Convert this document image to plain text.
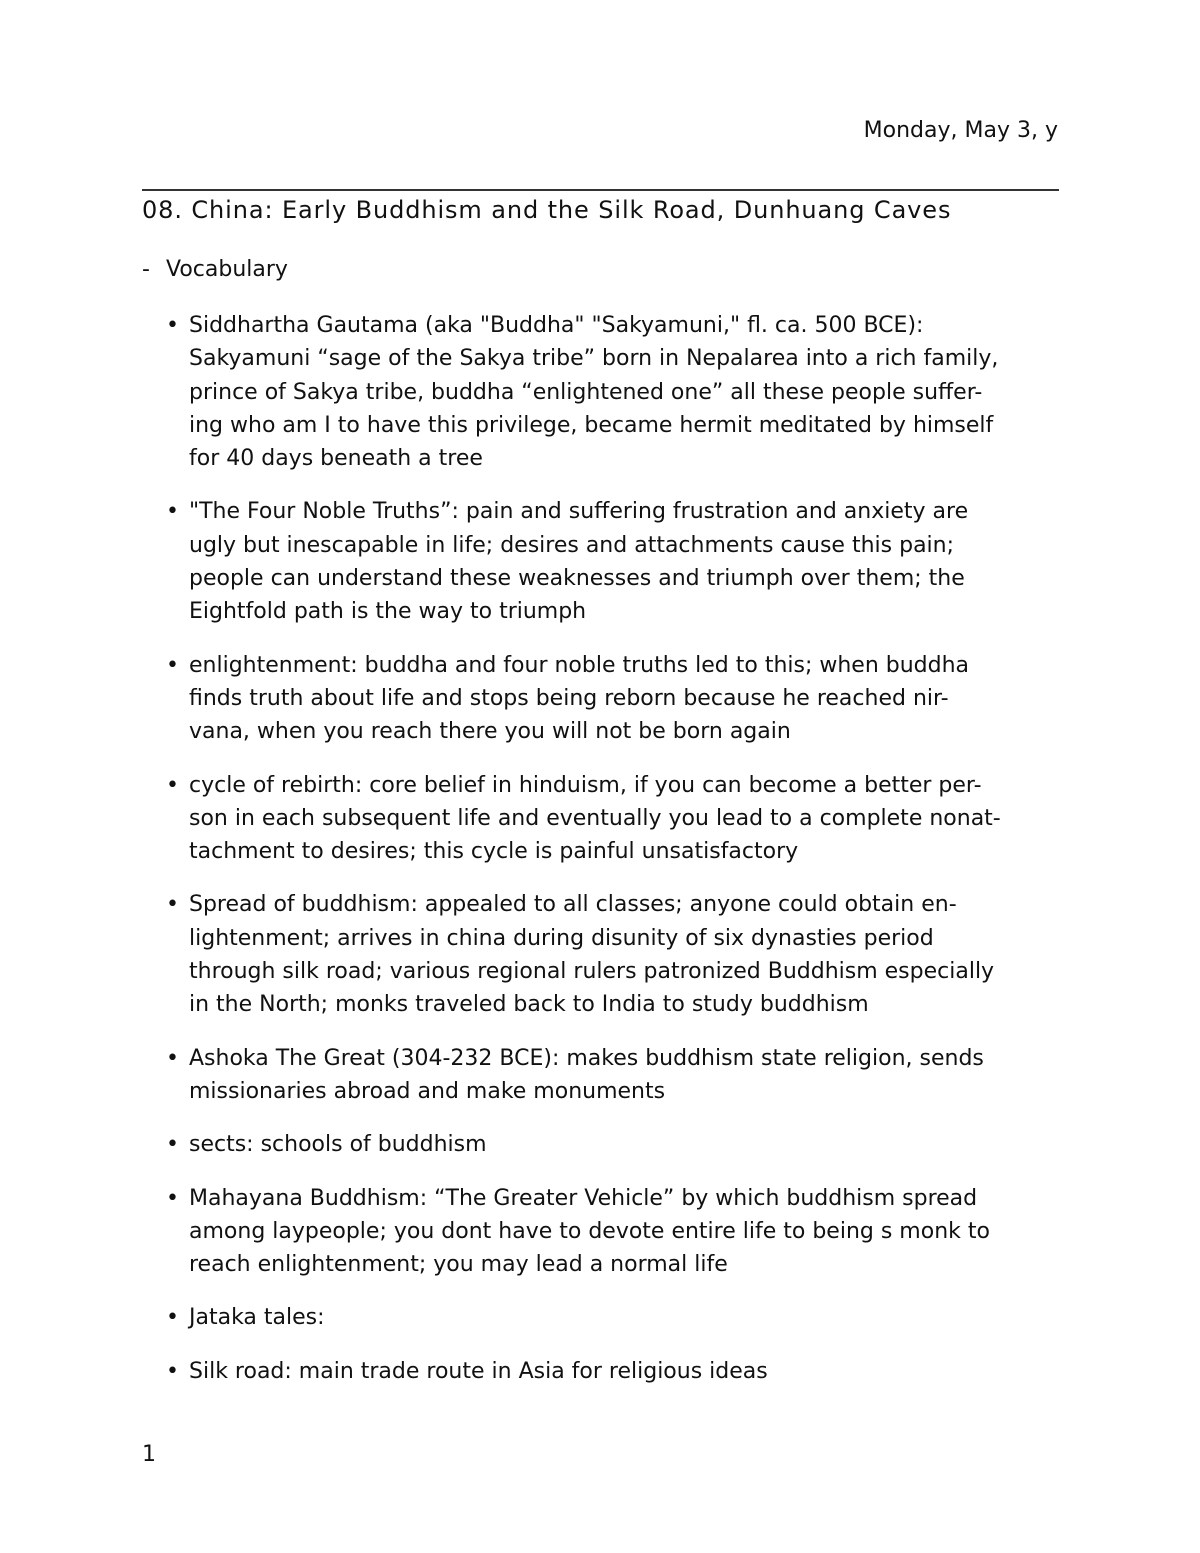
Monday, May 3, y
08. China: Early Buddhism and the Silk Road, Dunhuang Caves
- Vocabulary
• Siddhartha Gautama (aka "Buddha" "Sakyamuni," fl. ca. 500 BCE):
Sakyamuni “sage of the Sakya tribe” born in Nepalarea into a rich family,
prince of Sakya tribe, buddha “enlightened one” all these people suffer-
ing who am I to have this privilege, became hermit meditated by himself
for 40 days beneath a tree
• "The Four Noble Truths”: pain and suffering frustration and anxiety are
ugly but inescapable in life; desires and attachments cause this pain;
people can understand these weaknesses and triumph over them; the
Eightfold path is the way to triumph
• enlightenment: buddha and four noble truths led to this; when buddha
finds truth about life and stops being reborn because he reached nir-
vana, when you reach there you will not be born again
• cycle of rebirth: core belief in hinduism, if you can become a better per-
son in each subsequent life and eventually you lead to a complete nonat-
tachment to desires; this cycle is painful unsatisfactory
• Spread of buddhism: appealed to all classes; anyone could obtain en-
lightenment; arrives in china during disunity of six dynasties period
through silk road; various regional rulers patronized Buddhism especially
in the North; monks traveled back to India to study buddhism
• Ashoka The Great (304-232 BCE): makes buddhism state religion, sends
missionaries abroad and make monuments
• sects: schools of buddhism
• Mahayana Buddhism: “The Greater Vehicle” by which buddhism spread
among laypeople; you dont have to devote entire life to being s monk to
reach enlightenment; you may lead a normal life
• Jataka tales:
• Silk road: main trade route in Asia for religious ideas
1
